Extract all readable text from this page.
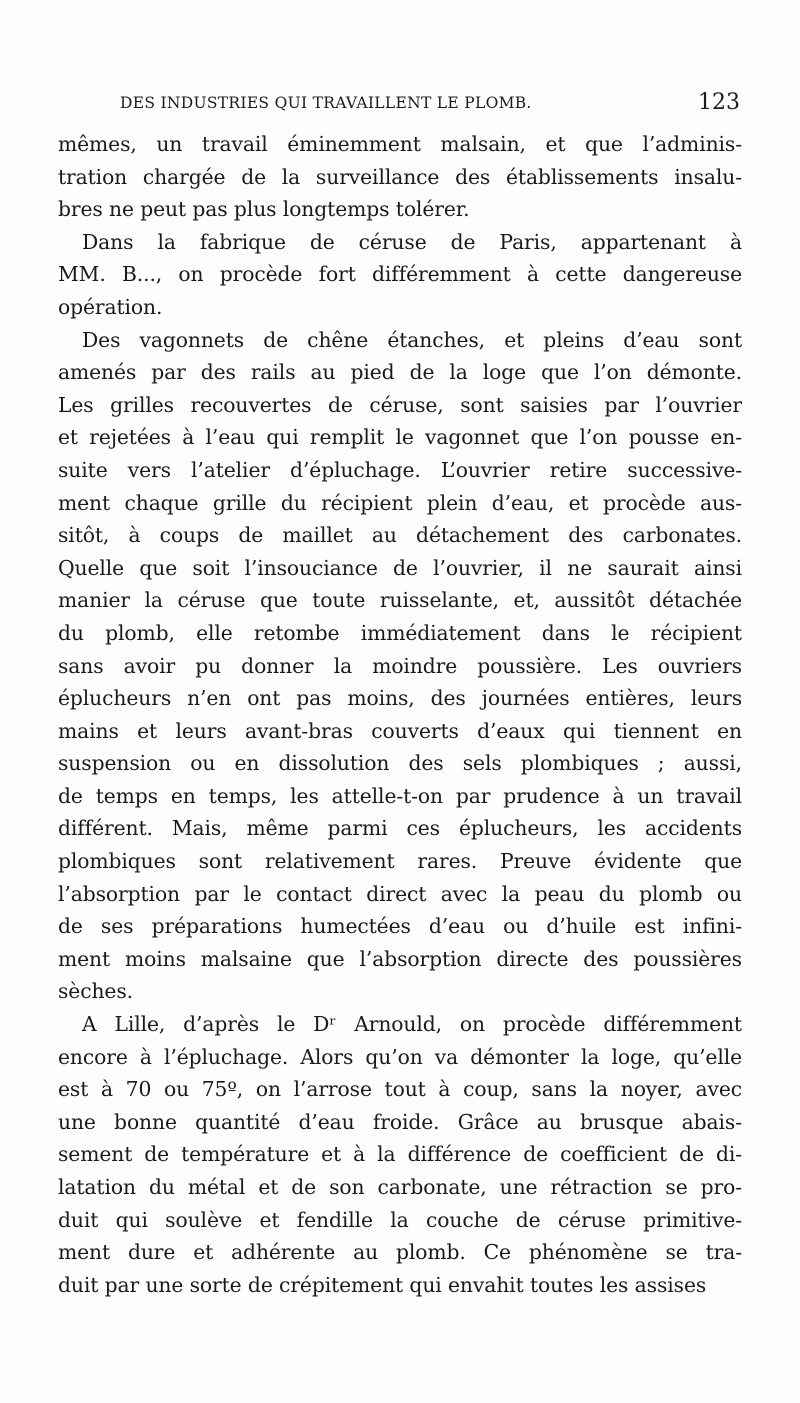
DES INDUSTRIES QUI TRAVAILLENT LE PLOMB.	123
mêmes, un travail éminemment malsain, et que l’adminis-
tration chargée de la surveillance des établissements insalu-
bres ne peut pas plus longtemps tolérer.
Dans la fabrique de céruse de Paris, appartenant à
MM. B..., on procède fort différemment à cette dangereuse
opération.
Des vagonnets de chêne étanches, et pleins d’eau sont
amenés par des rails au pied de la loge que l’on démonte.
Les grilles recouvertes de céruse, sont saisies par l’ouvrier
et rejetées à l’eau qui remplit le vagonnet que l’on pousse en-
suite vers l’atelier d’épluchage. L’ouvrier retire successive-
ment chaque grille du récipient plein d’eau, et procède aus-
sitôt, à coups de maillet au détachement des carbonates.
Quelle que soit l’insouciance de l’ouvrier, il ne saurait ainsi
manier la céruse que toute ruisselante, et, aussitôt détachée
du plomb, elle retombe immédiatement dans le récipient
sans avoir pu donner la moindre poussière. Les ouvriers
éplucheurs n’en ont pas moins, des journées entières, leurs
mains et leurs avant-bras couverts d’eaux qui tiennent en
suspension ou en dissolution des sels plombiques ; aussi,
de temps en temps, les attelle-t-on par prudence à un travail
différent. Mais, même parmi ces éplucheurs, les accidents
plombiques sont relativement rares. Preuve évidente que
l’absorption par le contact direct avec la peau du plomb ou
de ses préparations humectées d’eau ou d’huile est infini-
ment moins malsaine que l’absorption directe des poussières
sèches.
A Lille, d’après le Dʳ Arnould, on procède différemment
encore à l’épluchage. Alors qu’on va démonter la loge, qu’elle
est à 70 ou 75º, on l’arrose tout à coup, sans la noyer, avec
une bonne quantité d’eau froide. Grâce au brusque abais-
sement de température et à la différence de coefficient de di-
latation du métal et de son carbonate, une rétraction se pro-
duit qui soulève et fendille la couche de céruse primitive-
ment dure et adhérente au plomb. Ce phénomène se tra-
duit par une sorte de crépitement qui envahit toutes les assises
